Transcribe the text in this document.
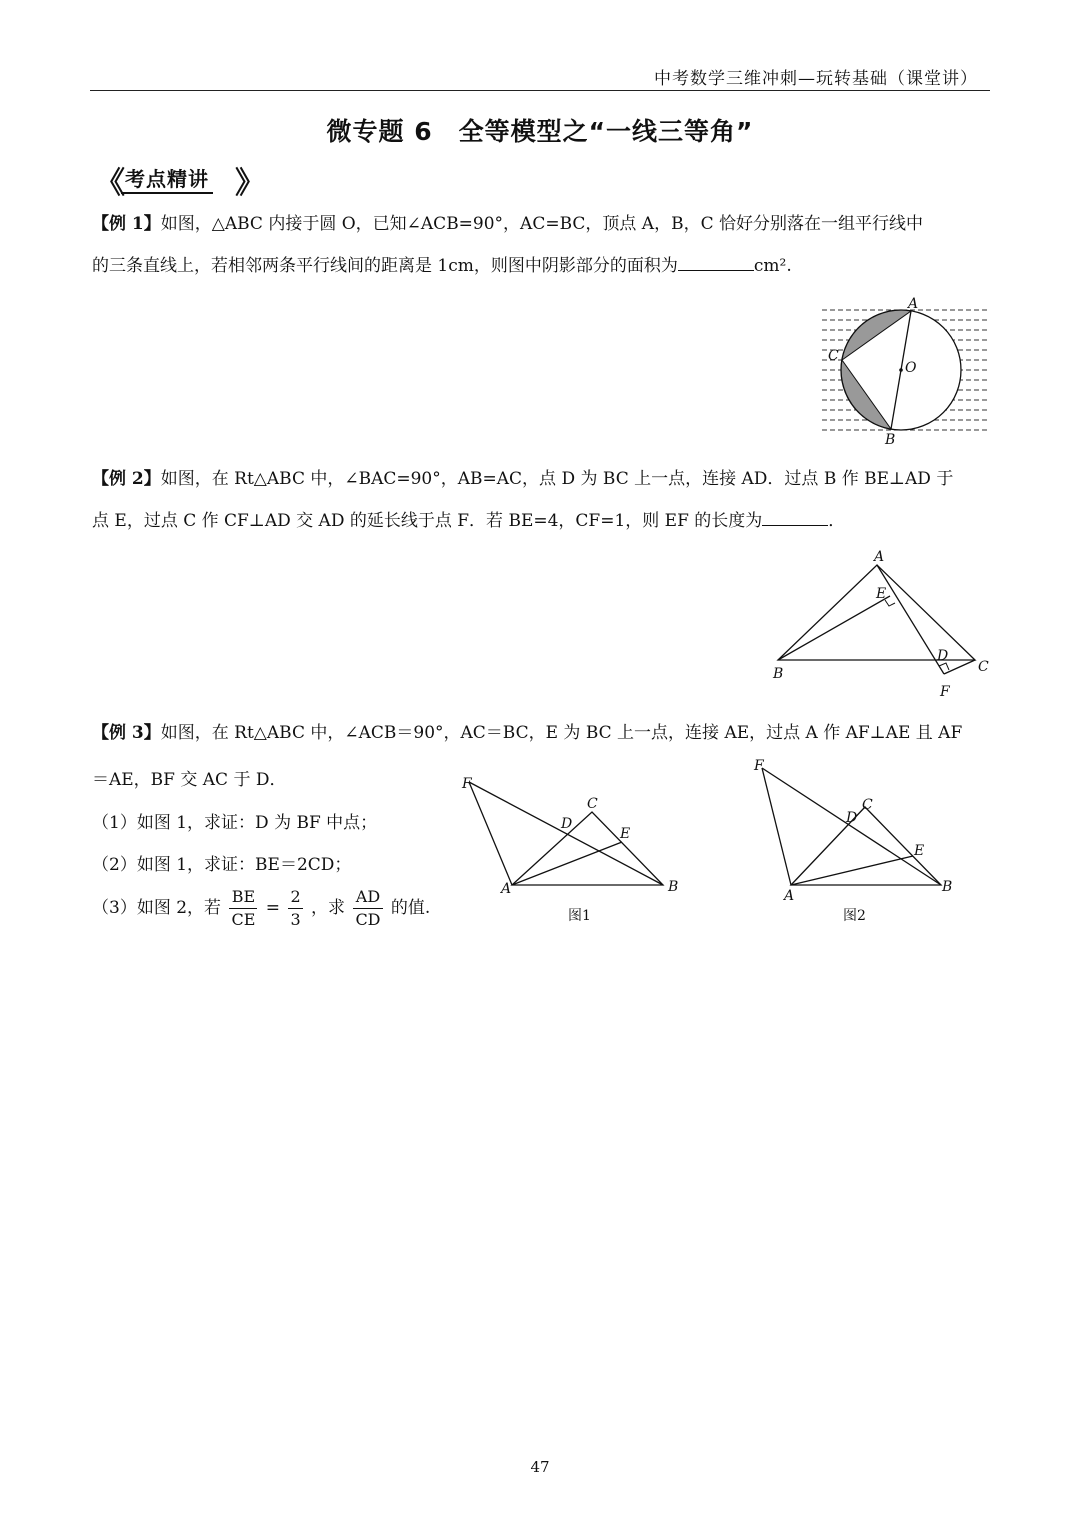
中考数学三维冲刺—玩转基础（课堂讲）
微专题 6　全等模型之“一线三等角”
《 考点精讲 》
【例 1】如图，△ABC 内接于圆 O，已知∠ACB=90°，AC=BC，顶点 A，B，C 恰好分别落在一组平行线中
的三条直线上，若相邻两条平行线间的距离是 1cm，则图中阴影部分的面积为	cm².
A
C
O
B
【例 2】如图，在 Rt△ABC 中，∠BAC=90°，AB=AC，点 D 为 BC 上一点，连接 AD．过点 B 作 BE⊥AD 于
点 E，过点 C 作 CF⊥AD 交 AD 的延长线于点 F．若 BE=4，CF=1，则 EF 的长度为	．
A
E
D
C
B
F
【例 3】如图，在 Rt△ABC 中，∠ACB＝90°，AC＝BC，E 为 BC 上一点，连接 AE，过点 A 作 AF⊥AE 且 AF
＝AE，BF 交 AC 于 D．
（1）如图 1，求证：D 为 BF 中点；
（2）如图 1，求证：BE＝2CD；
（3）如图 2，若 $\frac{BE}{CE} = \frac{2}{3}$ ，求 $\frac{AD}{CD}$ 的值.
F
C
D
E
A	B
图1
F
C
D
E
A
B
图2
47
